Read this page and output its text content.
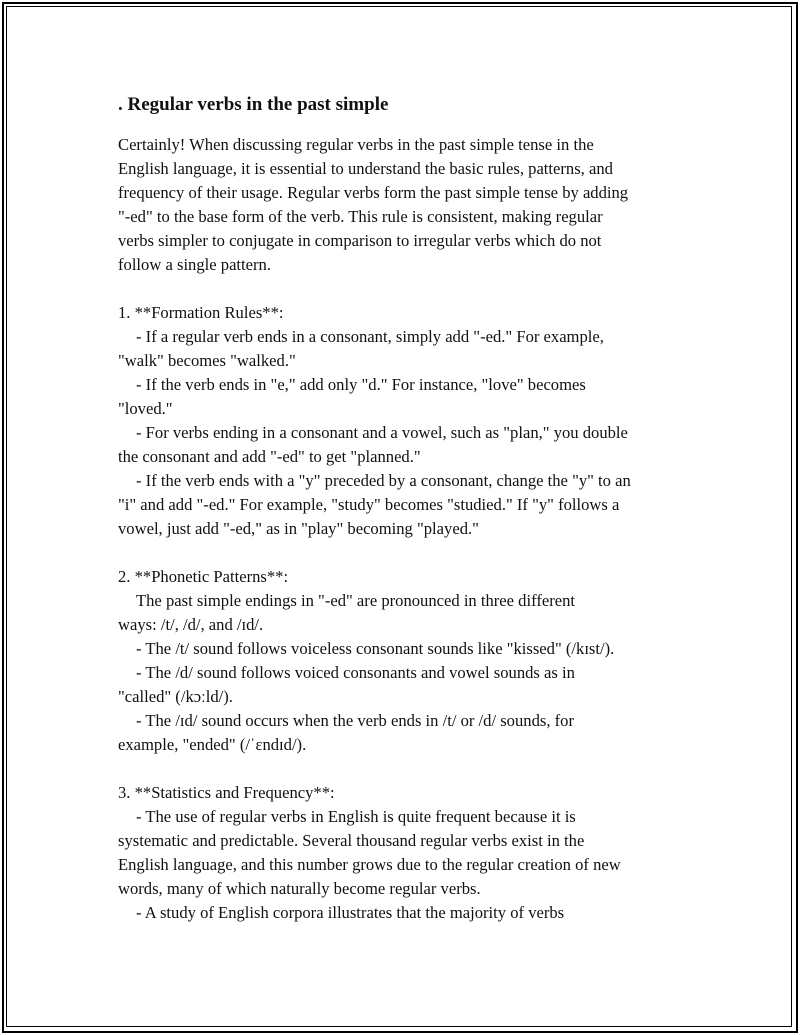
. Regular verbs in the past simple
Certainly! When discussing regular verbs in the past simple tense in the
English language, it is essential to understand the basic rules, patterns, and
frequency of their usage. Regular verbs form the past simple tense by adding
"-ed" to the base form of the verb. This rule is consistent, making regular
verbs simpler to conjugate in comparison to irregular verbs which do not
follow a single pattern.
1. **Formation Rules**:
- If a regular verb ends in a consonant, simply add "-ed." For example,
"walk" becomes "walked."
- If the verb ends in "e," add only "d." For instance, "love" becomes
"loved."
- For verbs ending in a consonant and a vowel, such as "plan," you double
the consonant and add "-ed" to get "planned."
- If the verb ends with a "y" preceded by a consonant, change the "y" to an
"i" and add "-ed." For example, "study" becomes "studied." If "y" follows a
vowel, just add "-ed," as in "play" becoming "played."
2. **Phonetic Patterns**:
The past simple endings in "-ed" are pronounced in three different
ways: /t/, /d/, and /ɪd/.
- The /t/ sound follows voiceless consonant sounds like "kissed" (/kɪst/).
- The /d/ sound follows voiced consonants and vowel sounds as in
"called" (/kɔːld/).
- The /ɪd/ sound occurs when the verb ends in /t/ or /d/ sounds, for
example, "ended" (/ˈɛndɪd/).
3. **Statistics and Frequency**:
- The use of regular verbs in English is quite frequent because it is
systematic and predictable. Several thousand regular verbs exist in the
English language, and this number grows due to the regular creation of new
words, many of which naturally become regular verbs.
- A study of English corpora illustrates that the majority of verbs
